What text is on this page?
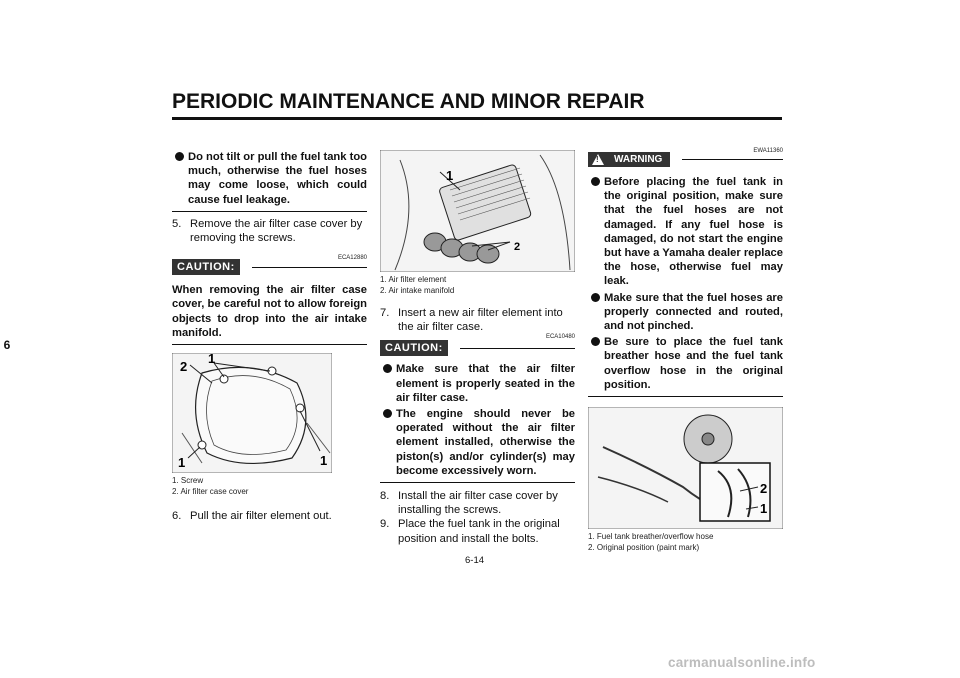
PERIODIC MAINTENANCE AND MINOR REPAIR
6
Do not tilt or pull the fuel tank too much, otherwise the fuel hoses may come loose, which could cause fuel leakage.
5. Remove the air filter case cover by removing the screws.
ECA12880
CAUTION:

When removing the air filter case cover, be careful not to allow foreign objects to drop into the air intake manifold.

2
1
1	1
1. Screw
2. Air filter case cover
6. Pull the air filter element out.
1
2
1. Air filter element
2. Air intake manifold
7. Insert a new air filter element into the air filter case.
ECA10480
CAUTION:
Make sure that the air filter element is properly seated in the air filter case.
The engine should never be operated without the air filter element installed, otherwise the piston(s) and/or cylinder(s) may become excessively worn.
8. Install the air filter case cover by installing the screws.
9. Place the fuel tank in the original position and install the bolts.
EWA11360
! WARNING
Before placing the fuel tank in the original position, make sure that the fuel hoses are not damaged. If any fuel hose is damaged, do not start the engine but have a Yamaha dealer replace the hose, otherwise fuel may leak.
Make sure that the fuel hoses are properly connected and routed, and not pinched.
Be sure to place the fuel tank breather hose and the fuel tank overflow hose in the original position.
2
1
1. Fuel tank breather/overflow hose
2. Original position (paint mark)
6-14
carmanualsonline.info
